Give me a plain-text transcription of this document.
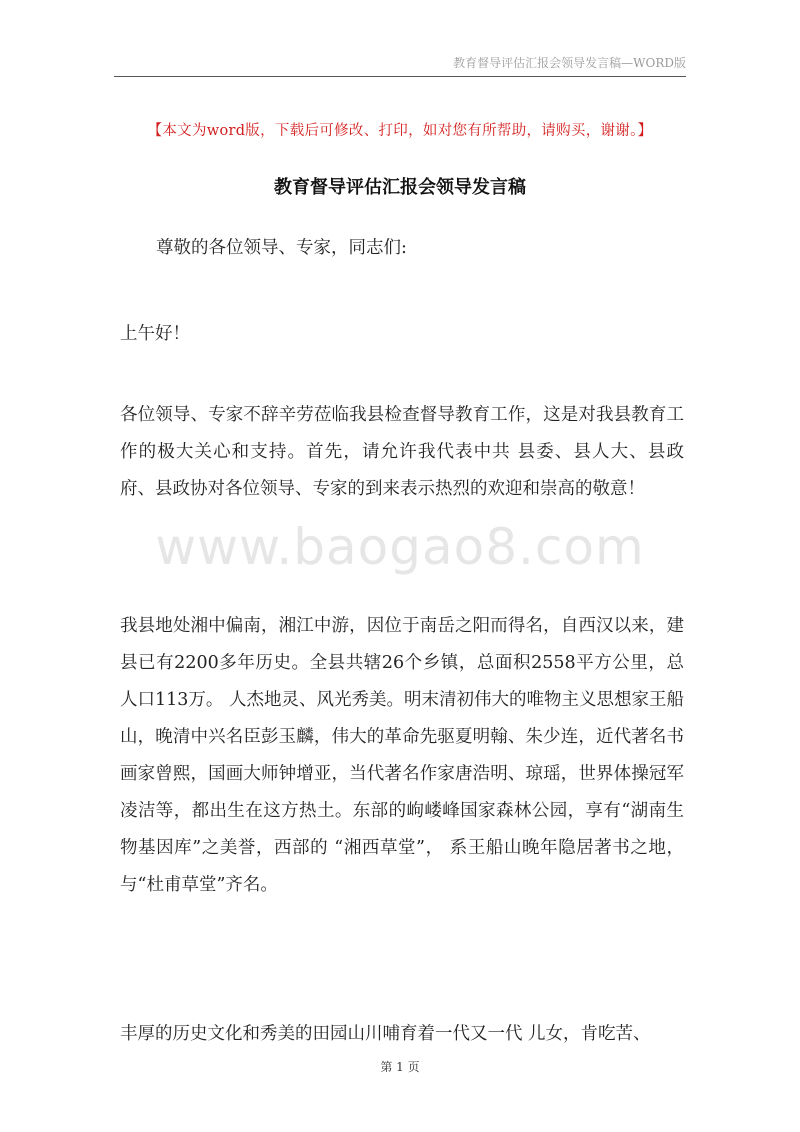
教育督导评估汇报会领导发言稿—WORD版
【本文为word版，下载后可修改、打印，如对您有所帮助，请购买，谢谢。】
教育督导评估汇报会领导发言稿
尊敬的各位领导、专家，同志们:
上午好！
各位领导、专家不辞辛劳莅临我县检查督导教育工作，这是对我县教育工作的极大关心和支持。首先，请允许我代表中共 县委、县人大、县政府、县政协对各位领导、专家的到来表示热烈的欢迎和崇高的敬意！
www.baogao8.com
我县地处湘中偏南，湘江中游，因位于南岳之阳而得名，自西汉以来，建县已有2200多年历史。全县共辖26个乡镇，总面积2558平方公里，总人口113万。 人杰地灵、风光秀美。明末清初伟大的唯物主义思想家王船山，晚清中兴名臣彭玉麟，伟大的革命先驱夏明翰、朱少连，近代著名书画家曾熙，国画大师钟增亚，当代著名作家唐浩明、琼瑶，世界体操冠军凌洁等，都出生在这方热土。东部的岣嵝峰国家森林公园，享有“湖南生物基因库”之美誉，西部的 “湘西草堂”， 系王船山晚年隐居著书之地，与“杜甫草堂”齐名。
丰厚的历史文化和秀美的田园山川哺育着一代又一代 儿女，肯吃苦、
第 1 页
